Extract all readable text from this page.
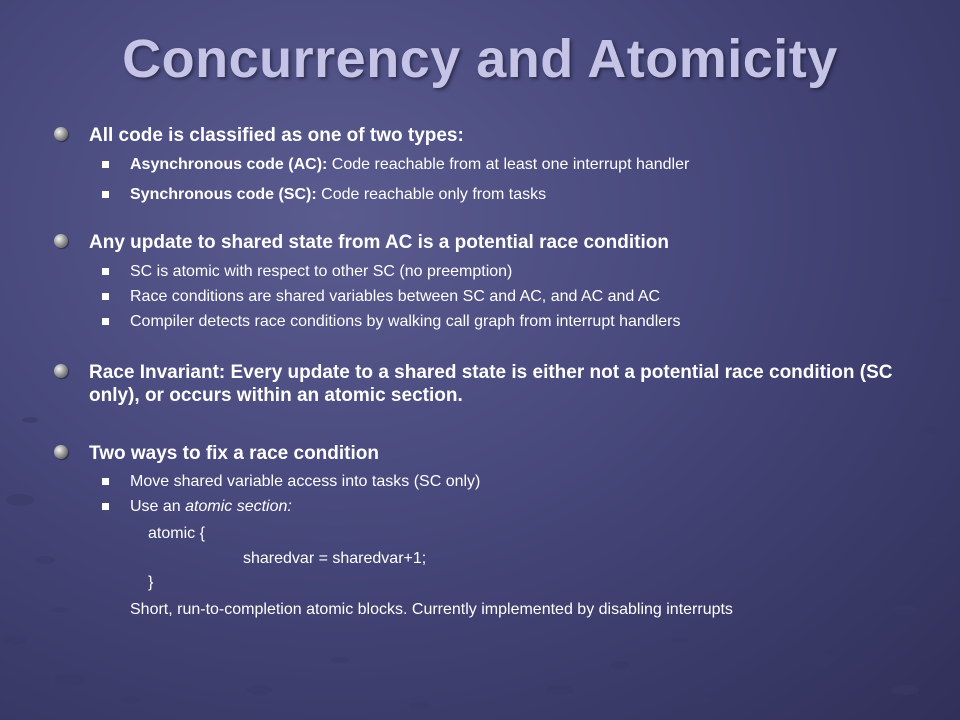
Concurrency and Atomicity
All code is classified as one of two types:
Asynchronous code (AC): Code reachable from at least one interrupt handler
Synchronous code (SC): Code reachable only from tasks
Any update to shared state from AC is a potential race condition
SC is atomic with respect to other SC (no preemption)
Race conditions are shared variables between SC and AC, and AC and AC
Compiler detects race conditions by walking call graph from interrupt handlers
Race Invariant: Every update to a shared state is either not a potential race condition (SC only), or occurs within an atomic section.
Two ways to fix a race condition
Move shared variable access into tasks (SC only)
Use an atomic section:
atomic {
sharedvar = sharedvar+1;
}
Short, run-to-completion atomic blocks. Currently implemented by disabling interrupts
